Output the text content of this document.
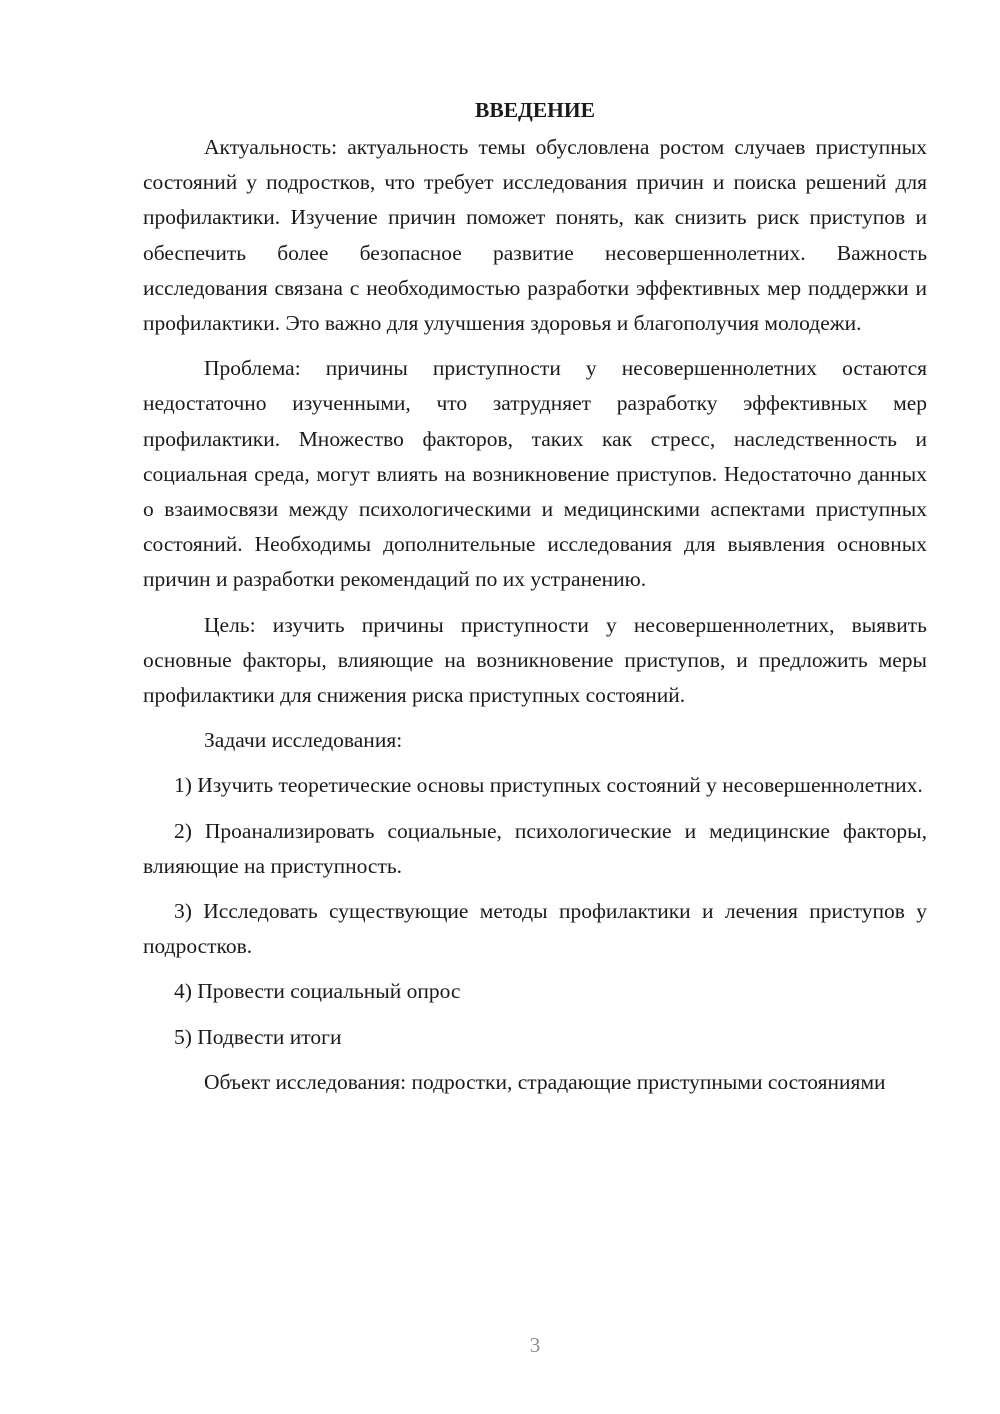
ВВЕДЕНИЕ

Актуальность: актуальность темы обусловлена ростом случаев приступных состояний у подростков, что требует исследования причин и поиска решений для профилактики. Изучение причин поможет понять, как снизить риск приступов и обеспечить более безопасное развитие несовершеннолетних. Важность исследования связана с необходимостью разработки эффективных мер поддержки и профилактики. Это важно для улучшения здоровья и благополучия молодежи.

Проблема: причины приступности у несовершеннолетних остаются недостаточно изученными, что затрудняет разработку эффективных мер профилактики. Множество факторов, таких как стресс, наследственность и социальная среда, могут влиять на возникновение приступов. Недостаточно данных о взаимосвязи между психологическими и медицинскими аспектами приступных состояний. Необходимы дополнительные исследования для выявления основных причин и разработки рекомендаций по их устранению.

Цель: изучить причины приступности у несовершеннолетних, выявить основные факторы, влияющие на возникновение приступов, и предложить меры профилактики для снижения риска приступных состояний.

Задачи исследования:

1) Изучить теоретические основы приступных состояний у несовершеннолетних.

2) Проанализировать социальные, психологические и медицинские факторы, влияющие на приступность.

3) Исследовать существующие методы профилактики и лечения приступов у подростков.

4) Провести социальный опрос

5) Подвести итоги

Объект исследования: подростки, страдающие приступными состояниями

3
